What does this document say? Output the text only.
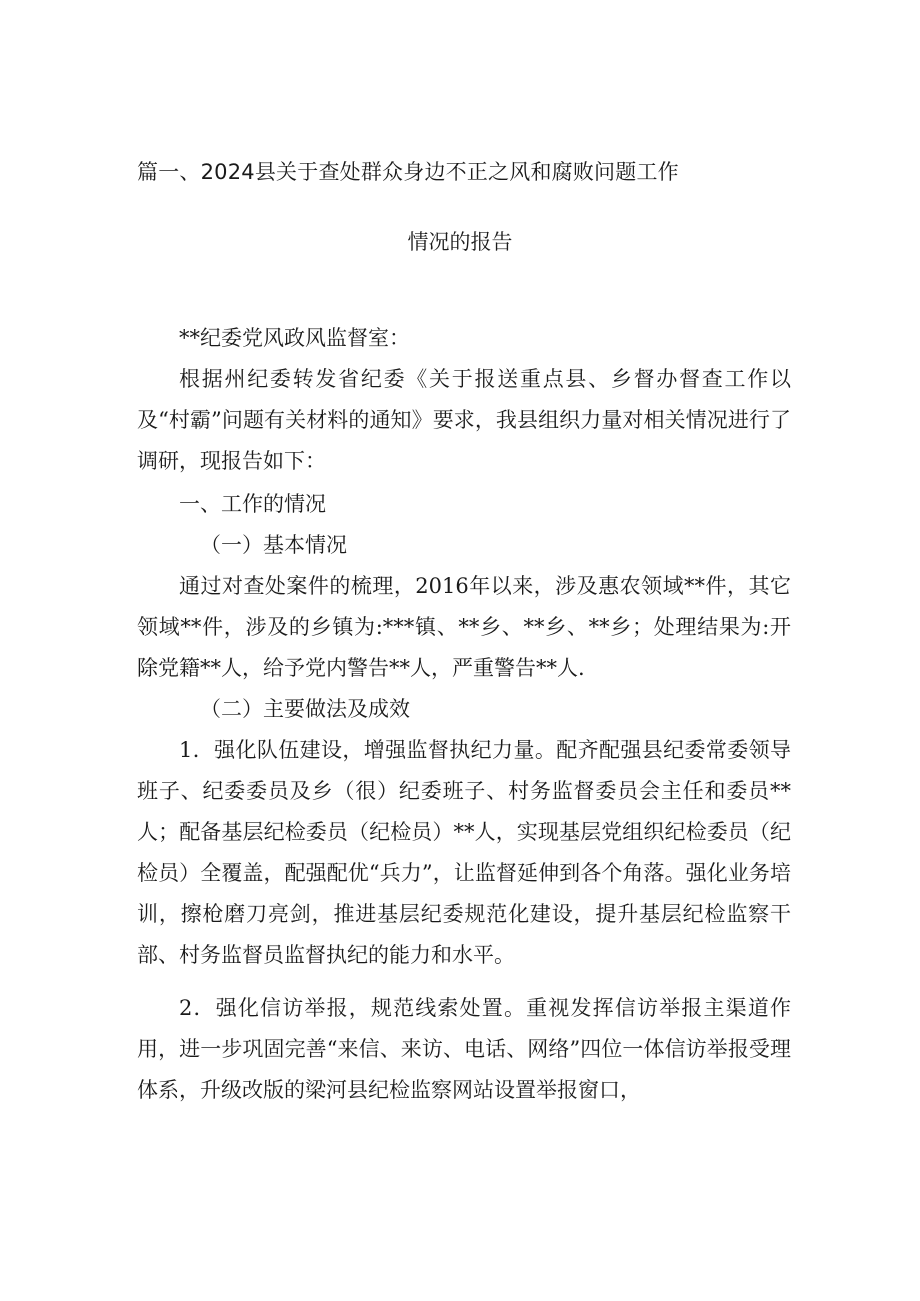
篇一、2024县关于查处群众身边不正之风和腐败问题工作
情况的报告

**纪委党风政风监督室：

根据州纪委转发省纪委《关于报送重点县、乡督办督查工作以及“村霸”问题有关材料的通知》要求，我县组织力量对相关情况进行了调研，现报告如下：

一、工作的情况

（一）基本情况

通过对查处案件的梳理，2016年以来，涉及惠农领域**件，其它领域**件，涉及的乡镇为:***镇、**乡、**乡、**乡；处理结果为:开除党籍**人，给予党内警告**人，严重警告**人.

（二）主要做法及成效

1．强化队伍建设，增强监督执纪力量。配齐配强县纪委常委领导班子、纪委委员及乡（很）纪委班子、村务监督委员会主任和委员**人；配备基层纪检委员（纪检员）**人，实现基层党组织纪检委员（纪检员）全覆盖，配强配优“兵力”，让监督延伸到各个角落。强化业务培训，擦枪磨刀亮剑，推进基层纪委规范化建设，提升基层纪检监察干部、村务监督员监督执纪的能力和水平。

2．强化信访举报，规范线索处置。重视发挥信访举报主渠道作用，进一步巩固完善“来信、来访、电话、网络”四位一体信访举报受理体系，升级改版的梁河县纪检监察网站设置举报窗口，
